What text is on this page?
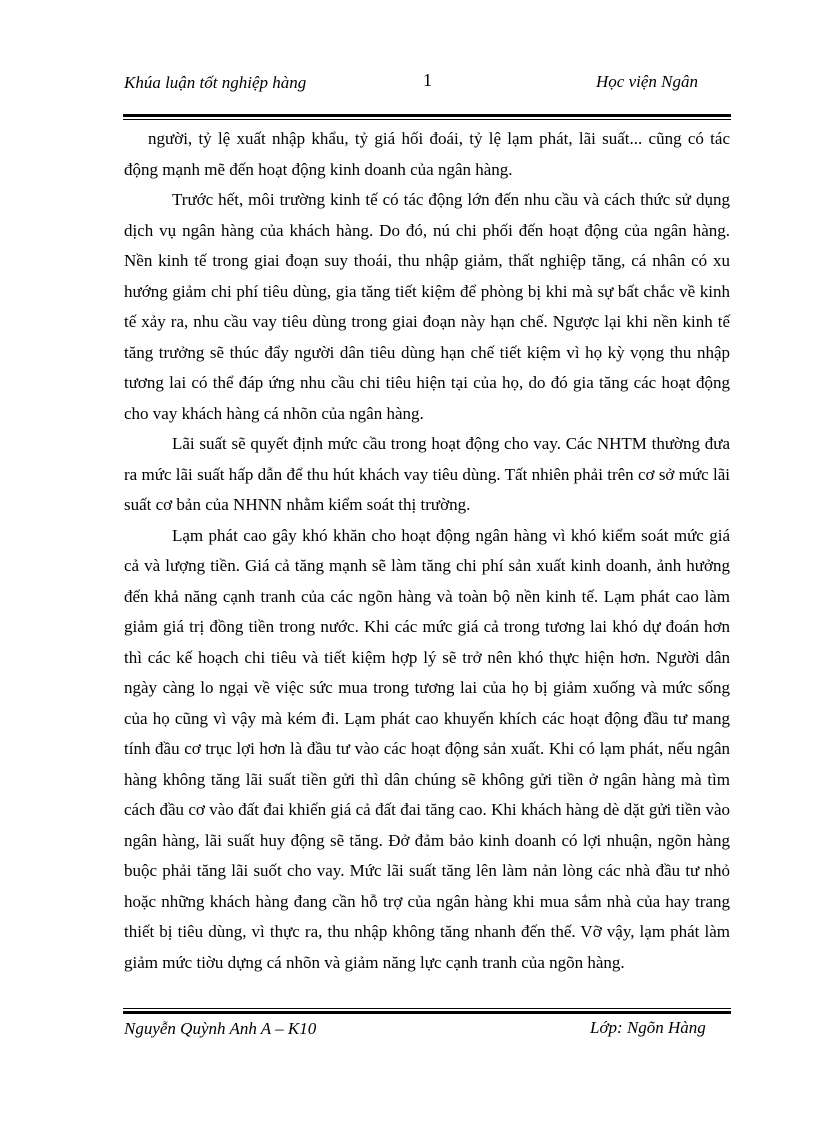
Khúa luận tốt nghiệp hàng	1	Học viện Ngân

người, tỷ lệ xuất nhập khẩu, tỷ giá hối đoái, tỷ lệ lạm phát, lãi suất... cũng có tác động mạnh mẽ đến hoạt động kinh doanh của ngân hàng.

Trước hết, môi trường kinh tế có tác động lớn đến nhu cầu và cách thức sử dụng dịch vụ ngân hàng của khách hàng. Do đó, nú chi phối đến hoạt động của ngân hàng. Nền kinh tế trong giai đoạn suy thoái, thu nhập giảm, thất nghiệp tăng, cá nhân có xu hướng giảm chi phí tiêu dùng, gia tăng tiết kiệm để phòng bị khi mà sự bất chắc về kinh tế xảy ra, nhu cầu vay tiêu dùng trong giai đoạn này hạn chế. Ngược lại khi nền kinh tế tăng trưởng sẽ thúc đẩy người dân tiêu dùng hạn chế tiết kiệm vì họ kỳ vọng thu nhập tương lai có thể đáp ứng nhu cầu chi tiêu hiện tại của họ, do đó gia tăng các hoạt động cho vay khách hàng cá nhõn của ngân hàng.

Lãi suất sẽ quyết định mức cầu trong hoạt động cho vay. Các NHTM thường đưa ra mức lãi suất hấp dẫn để thu hút khách vay tiêu dùng. Tất nhiên phải trên cơ sở mức lãi suất cơ bản của NHNN nhằm kiểm soát thị trường.

Lạm phát cao gây khó khăn cho hoạt động ngân hàng vì khó kiểm soát mức giá cả và lượng tiền. Giá cả tăng mạnh sẽ làm tăng chi phí sản xuất kinh doanh, ảnh hưởng đến khả năng cạnh tranh của các ngõn hàng và toàn bộ nền kinh tế. Lạm phát cao làm giảm giá trị đồng tiền trong nước. Khi các mức giá cả trong tương lai khó dự đoán hơn thì các kế hoạch chi tiêu và tiết kiệm hợp lý sẽ trở nên khó thực hiện hơn. Người dân ngày càng lo ngại về việc sức mua trong tương lai của họ bị giảm xuống và mức sống của họ cũng vì vậy mà kém đi. Lạm phát cao khuyến khích các hoạt động đầu tư mang tính đầu cơ trục lợi hơn là đầu tư vào các hoạt động sản xuất. Khi có lạm phát, nếu ngân hàng không tăng lãi suất tiền gửi thì dân chúng sẽ không gửi tiền ở ngân hàng mà tìm cách đầu cơ vào đất đai khiến giá cả đất đai tăng cao. Khi khách hàng dè dặt gửi tiền vào ngân hàng, lãi suất huy động sẽ tăng. Đở đảm bảo kinh doanh có lợi nhuận, ngõn hàng buộc phải tăng lãi suốt cho vay. Mức lãi suất tăng lên làm nản lòng các nhà đầu tư nhỏ hoặc những khách hàng đang cần hỗ trợ của ngân hàng khi mua sắm nhà của hay trang thiết bị tiêu dùng, vì thực ra, thu nhập không tăng nhanh đến thế. Vỡ vậy, lạm phát làm giảm mức tiờu dựng cá nhõn và giảm năng lực cạnh tranh của ngõn hàng.

Nguyễn Quỳnh Anh A – K10	Lớp: Ngõn Hàng
